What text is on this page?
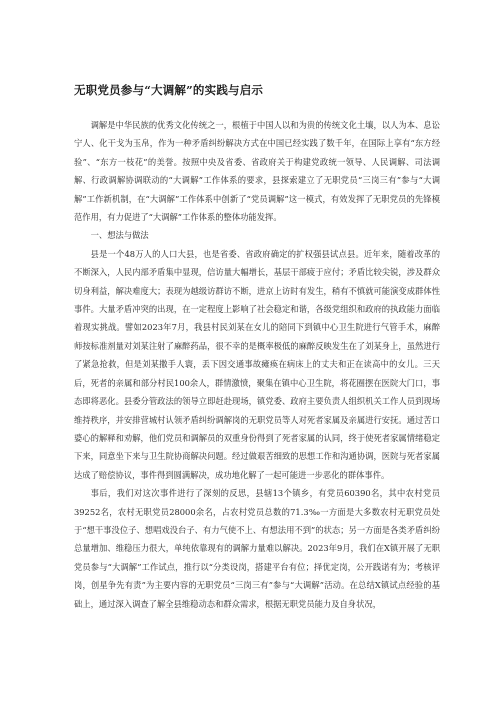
无职党员参与“大调解”的实践与启示

调解是中华民族的优秀文化传统之一，根植于中国人以和为贵的传统文化土壤，以人为本、息讼宁人、化干戈为玉帛，作为一种矛盾纠纷解决方式在中国已经实践了数千年，在国际上享有“东方经验”、“东方一枝花”的美誉。按照中央及省委、省政府关于构建党政统一领导、人民调解、司法调解、行政调解协调联动的“大调解”工作体系的要求，县探索建立了无职党员“三岗三有”参与“大调解”工作新机制，在“大调解”工作体系中创新了“党员调解”这一模式，有效发挥了无职党员的先锋模范作用，有力促进了“大调解”工作体系的整体功能发挥。

一、想法与做法

县是一个48万人的人口大县，也是省委、省政府确定的扩权强县试点县。近年来，随着改革的不断深入，人民内部矛盾集中显现，信访量大幅增长，基层干部疲于应付；矛盾比较尖锐，涉及群众切身利益，解决难度大；表现为越级访群访不断，进京上访时有发生，稍有不慎就可能演变成群体性事件。大量矛盾冲突的出现，在一定程度上影响了社会稳定和谐，各级党组织和政府的执政能力面临着现实挑战。譬如2023年7月，我县村民刘某在女儿的陪同下到镇中心卫生院进行气管手术，麻醉师按标准剂量对刘某注射了麻醉药品，很不幸的是概率极低的麻醉反映发生在了刘某身上，虽然进行了紧急抢救，但是刘某撒手人寰，丢下因交通事故瘫痪在病床上的丈夫和正在读高中的女儿。三天后，死者的亲属和部分村民100余人，群情激愤，聚集在镇中心卫生院，将花圈摆在医院大门口，事态即将恶化。县委分管政法的领导立即赶赴现场，镇党委、政府主要负责人组织机关工作人员到现场维持秩序，并安排营城村认领矛盾纠纷调解岗的无职党员等人对死者家属及亲属进行安抚。通过苦口婆心的解释和劝解，他们党员和调解员的双重身份得到了死者家属的认同，终于使死者家属情绪稳定下来，同意坐下来与卫生院协商解决问题。经过做艰苦细致的思想工作和沟通协调，医院与死者家属达成了赔偿协议，事件得到圆满解决，成功地化解了一起可能进一步恶化的群体事件。

事后，我们对这次事件进行了深刻的反思，县辖13个镇乡，有党员60390名，其中农村党员39252名，农村无职党员28000余名，占农村党员总数的71.3‰一方面是大多数农村无职党员处于“想干事没位子、想唱戏没台子、有力气使不上、有想法用不到”的状态；另一方面是各类矛盾纠纷总量增加、维稳压力很大，单纯依靠现有的调解力量难以解决。2023年9月，我们在X镇开展了无职党员参与“大调解”工作试点，推行以“分类设岗，搭建平台有位；择优定岗，公开践诺有为；考核评岗，创星争先有责”为主要内容的无职党员“三岗三有”参与“大调解”活动。在总结X镇试点经验的基础上，通过深入调查了解全县维稳动态和群众需求，根据无职党员能力及自身状况，
